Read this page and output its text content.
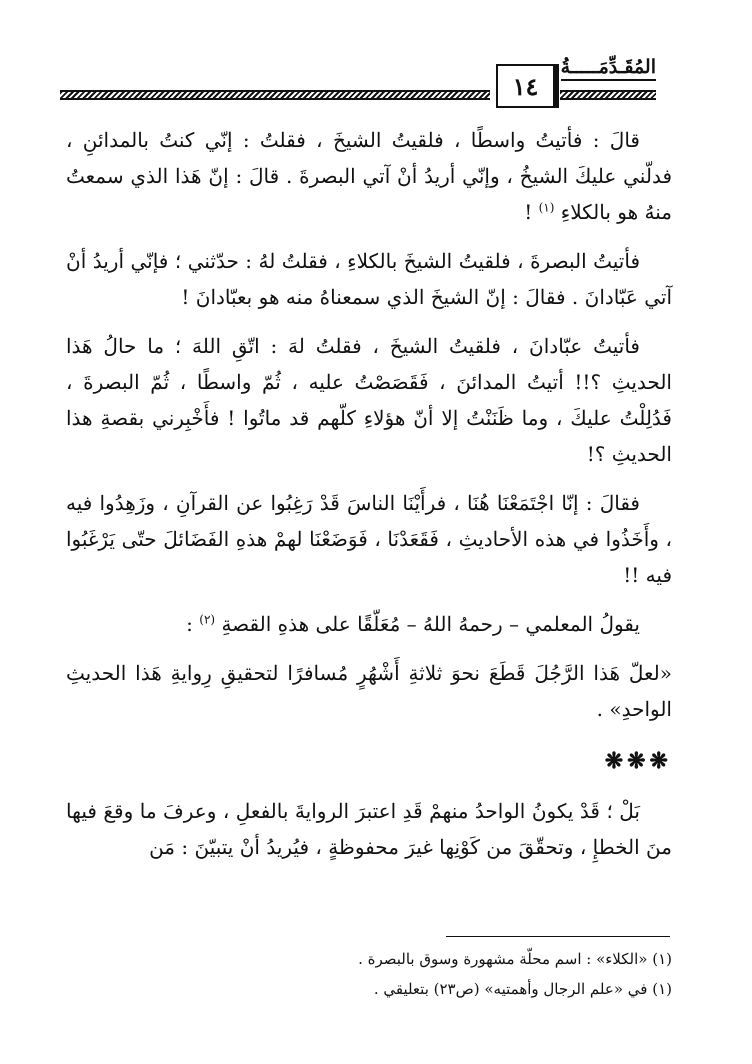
١٤
المُقَـدِّمَـــــةُ

قالَ : فأتيتُ واسطًا ، فلقيتُ الشيخَ ، فقلتُ : إنّي كنتُ بالمدائنِ ، فدلّني عليكَ الشيخُ ، وإنّي أريدُ أنْ آتي البصرةَ . قالَ : إنّ هَذا الذي سمعتُ منهُ هو بالكلاءِ $^{(١)}$ !

فأتيتُ البصرةَ ، فلقيتُ الشيخَ بالكلاءِ ، فقلتُ لهُ : حدّثني ؛ فإنّي أريدُ أنْ آتي عَبّادانَ . فقالَ : إنّ الشيخَ الذي سمعناهُ منه هو بعبّادانَ !

فأتيتُ عبّادانَ ، فلقيتُ الشيخَ ، فقلتُ لهَ : اتّقِ اللهَ ؛ ما حالُ هَذا الحديثِ ؟!! أتيتُ المدائنَ ، فَقَصَصْتُ عليه ، ثُمّ واسطًا ، ثُمّ البصرةَ ، فَدُلِلْتُ عليكَ ، وما ظَنَنْتُ إلا أنّ هؤلاءِ كلّهم قد ماتُوا ! فأَخْبِرني بقصةِ هذا الحديثِ ؟!

فقالَ : إنّا اجْتَمَعْنَا هُنَا ، فرأَيْنَا الناسَ قَدْ رَغِبُوا عن القرآنِ ، وزَهِدُوا فيه ، وأَخَذُوا في هذه الأحاديثِ ، فَقَعَدْنَا ، فَوَضَعْنَا لهمْ هذهِ الفَضَائلَ حتّى يَرْغَبُوا فيه !!

يقولُ المعلمي – رحمهُ اللهُ – مُعَلّقًا على هذهِ القصةِ $^{(٢)}$ :

«لعلّ هَذا الرَّجُلَ قَطَعَ نحوَ ثلاثةِ أَشْهُرٍ مُسافرًا لتحقيقِ رِوايةِ هَذا الحديثِ الواحدِ» .

❋❋❋

بَلْ ؛ قَدْ يكونُ الواحدُ منهمْ قَدِ اعتبرَ الروايةَ بالفعلِ ، وعرفَ ما وقعَ فيها منَ الخطإِ ، وتحقّقَ من كَوْنِها غيرَ محفوظةٍ ، فيُريدُ أنْ يتبيّنَ : مَن

(١) «الكلاء» : اسم محلّة مشهورة وسوق بالبصرة .

(١) في «علم الرجال وأهمتيه» (ص٢٣) بتعليقي .
